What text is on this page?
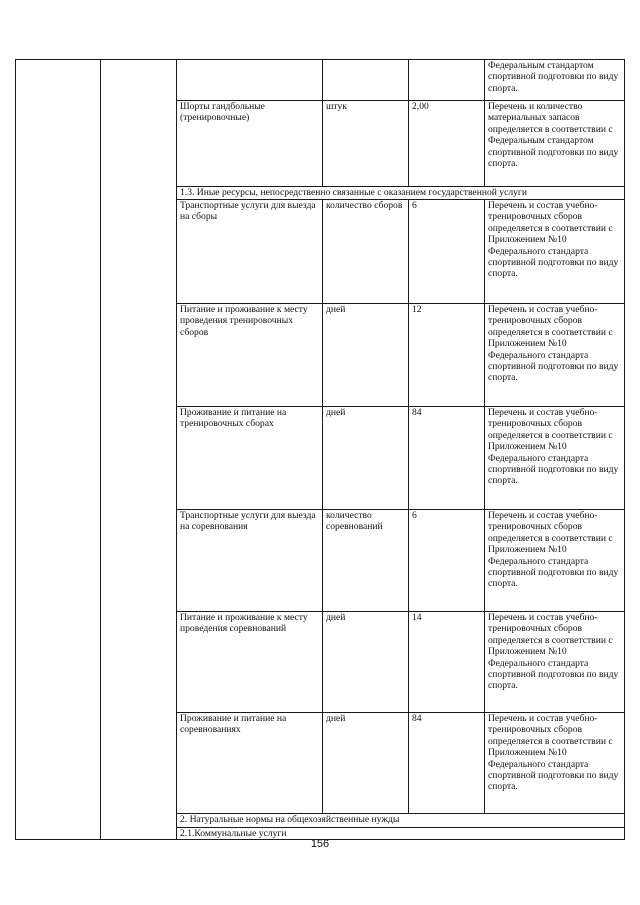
					Федеральным стандартом спортивной подготовки по виду спорта.
		Шорты гандбольные (тренировочные)	штук	2,00	Перечень и количество материальных запасов определяется в соответствии с Федеральным стандартом спортивной подготовки по виду спорта.
		1.3. Иные ресурсы, непосредственно связанные с оказанием государственной услуги			
		Транспортные услуги для выезда на сборы	количество сборов	6	Перечень и состав учебно-тренировочных сборов определяется в соответствии с Приложением №10 Федерального стандарта спортивной подготовки по виду спорта.
		Питание и проживание к месту проведения тренировочных сборов	дней	12	Перечень и состав учебно-тренировочных сборов определяется в соответствии с Приложением №10 Федерального стандарта спортивной подготовки по виду спорта.
		Проживание и питание на тренировочных сборах	дней	84	Перечень и состав учебно-тренировочных сборов определяется в соответствии с Приложением №10 Федерального стандарта спортивной подготовки по виду спорта.
		Транспортные услуги для выезда на соревнования	количество соревнований	6	Перечень и состав учебно-тренировочных сборов определяется в соответствии с Приложением №10 Федерального стандарта спортивной подготовки по виду спорта.
		Питание и проживание к месту проведения соревнований	дней	14	Перечень и состав учебно-тренировочных сборов определяется в соответствии с Приложением №10 Федерального стандарта спортивной подготовки по виду спорта.
		Проживание и питание на соревнованиях	дней	84	Перечень и состав учебно-тренировочных сборов определяется в соответствии с Приложением №10 Федерального стандарта спортивной подготовки по виду спорта.
		2. Натуральные нормы на общехозяйственные нужды			
		2.1.Коммунальные услуги			
156
